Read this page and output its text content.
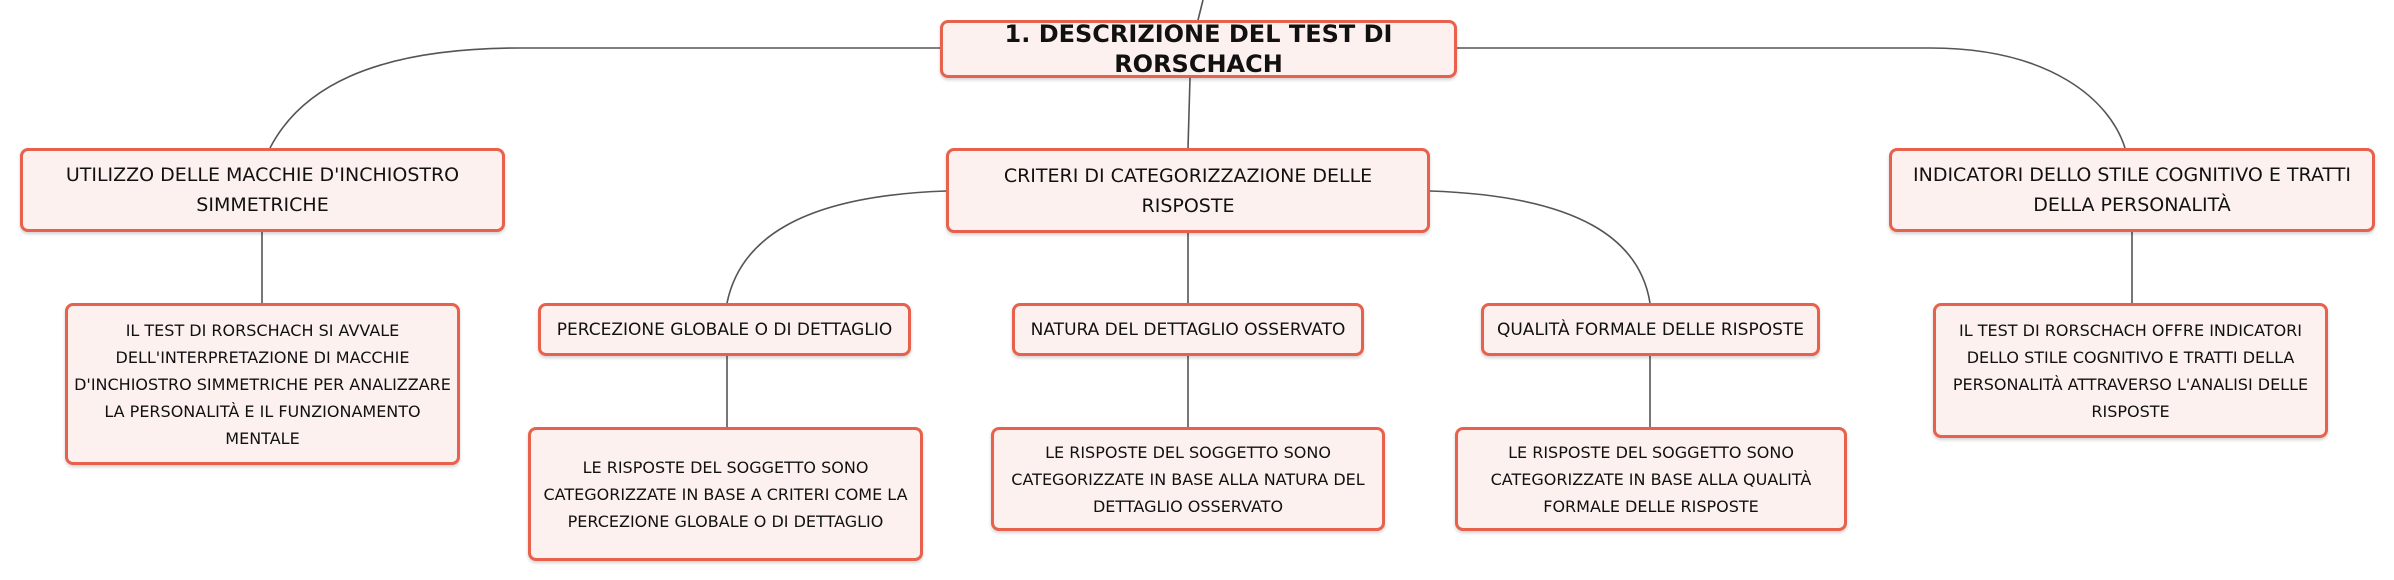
1. DESCRIZIONE DEL TEST DI RORSCHACH
UTILIZZO DELLE MACCHIE D'INCHIOSTRO SIMMETRICHE
CRITERI DI CATEGORIZZAZIONE DELLE RISPOSTE
INDICATORI DELLO STILE COGNITIVO E TRATTI DELLA PERSONALITÀ
IL TEST DI RORSCHACH SI AVVALE DELL'INTERPRETAZIONE DI MACCHIE D'INCHIOSTRO SIMMETRICHE PER ANALIZZARE LA PERSONALITÀ E IL FUNZIONAMENTO MENTALE
PERCEZIONE GLOBALE O DI DETTAGLIO	NATURA DEL DETTAGLIO OSSERVATO	QUALITÀ FORMALE DELLE RISPOSTE	IL TEST DI RORSCHACH OFFRE INDICATORI DELLO STILE COGNITIVO E TRATTI DELLA PERSONALITÀ ATTRAVERSO L'ANALISI DELLE RISPOSTE
LE RISPOSTE DEL SOGGETTO SONO CATEGORIZZATE IN BASE A CRITERI COME LA PERCEZIONE GLOBALE O DI DETTAGLIO
LE RISPOSTE DEL SOGGETTO SONO CATEGORIZZATE IN BASE ALLA NATURA DEL DETTAGLIO OSSERVATO
LE RISPOSTE DEL SOGGETTO SONO CATEGORIZZATE IN BASE ALLA QUALITÀ FORMALE DELLE RISPOSTE
